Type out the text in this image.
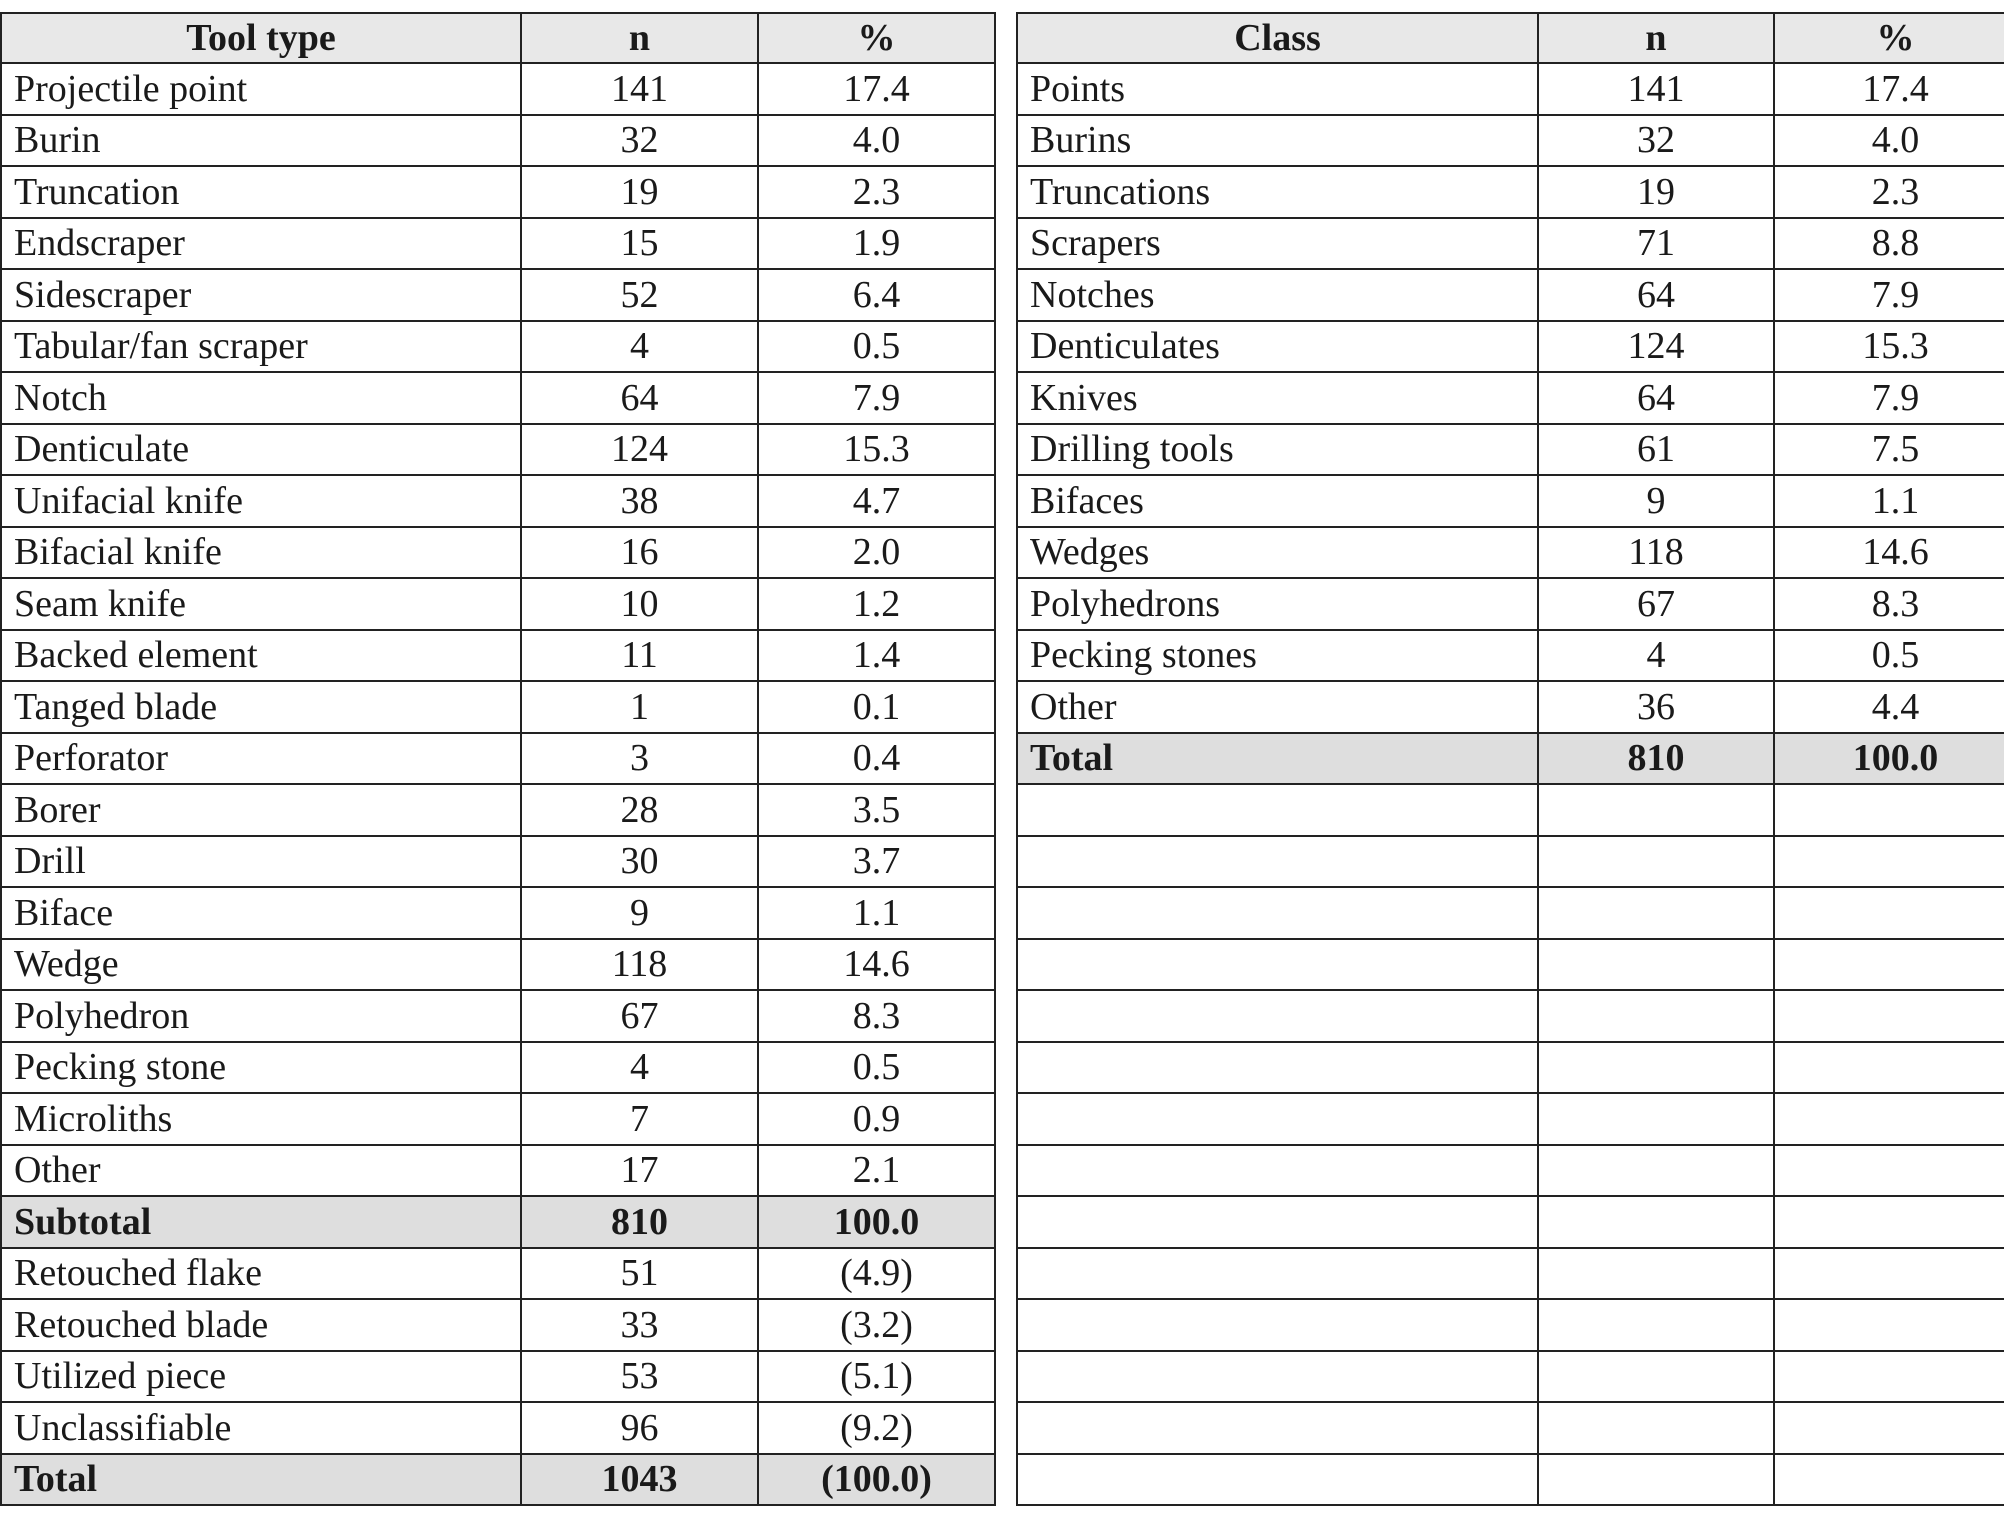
Tool type	n	%
Projectile point	141	17.4
Burin	32	4.0
Truncation	19	2.3
Endscraper	15	1.9
Sidescraper	52	6.4
Tabular/fan scraper	4	0.5
Notch	64	7.9
Denticulate	124	15.3
Unifacial knife	38	4.7
Bifacial knife	16	2.0
Seam knife	10	1.2
Backed element	11	1.4
Tanged blade	1	0.1
Perforator	3	0.4
Borer	28	3.5
Drill	30	3.7
Biface	9	1.1
Wedge	118	14.6
Polyhedron	67	8.3
Pecking stone	4	0.5
Microliths	7	0.9
Other	17	2.1
Subtotal	810	100.0
Retouched flake	51	(4.9)
Retouched blade	33	(3.2)
Utilized piece	53	(5.1)
Unclassifiable	96	(9.2)
Total	1043	(100.0)
Class	n	%
Points	141	17.4
Burins	32	4.0
Truncations	19	2.3
Scrapers	71	8.8
Notches	64	7.9
Denticulates	124	15.3
Knives	64	7.9
Drilling tools	61	7.5
Bifaces	9	1.1
Wedges	118	14.6
Polyhedrons	67	8.3
Pecking stones	4	0.5
Other	36	4.4
Total	810	100.0
